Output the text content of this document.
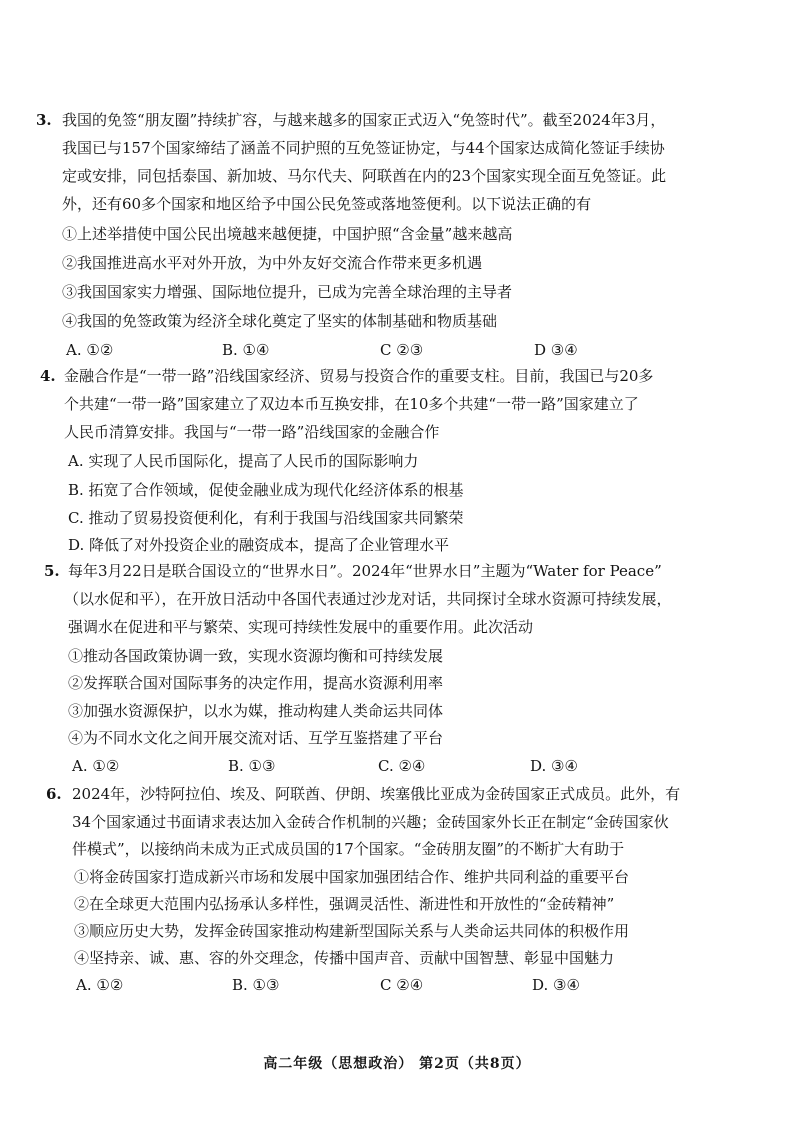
3. 我国的免签“朋友圈”持续扩容，与越来越多的国家正式迈入“免签时代”。截至2024年3月，
我国已与157个国家缔结了涵盖不同护照的互免签证协定，与44个国家达成简化签证手续协
定或安排，同包括泰国、新加坡、马尔代夫、阿联酋在内的23个国家实现全面互免签证。此
外，还有60多个国家和地区给予中国公民免签或落地签便利。以下说法正确的有
①上述举措使中国公民出境越来越便捷，中国护照“含金量”越来越高
②我国推进高水平对外开放，为中外友好交流合作带来更多机遇
③我国国家实力增强、国际地位提升，已成为完善全球治理的主导者
④我国的免签政策为经济全球化奠定了坚实的体制基础和物质基础
A. ①②	B. ①④	C ②③	D ③④
4. 金融合作是“一带一路”沿线国家经济、贸易与投资合作的重要支柱。目前，我国已与20多
个共建“一带一路”国家建立了双边本币互换安排，在10多个共建“一带一路”国家建立了
人民币清算安排。我国与“一带一路”沿线国家的金融合作
A. 实现了人民币国际化，提高了人民币的国际影响力
B. 拓宽了合作领域，促使金融业成为现代化经济体系的根基
C. 推动了贸易投资便利化，有利于我国与沿线国家共同繁荣
D. 降低了对外投资企业的融资成本，提高了企业管理水平
5. 每年3月22日是联合国设立的“世界水日”。2024年“世界水日”主题为“Water for Peace”
（以水促和平），在开放日活动中各国代表通过沙龙对话，共同探讨全球水资源可持续发展，
强调水在促进和平与繁荣、实现可持续性发展中的重要作用。此次活动
①推动各国政策协调一致，实现水资源均衡和可持续发展
②发挥联合国对国际事务的决定作用，提高水资源利用率
③加强水资源保护，以水为媒，推动构建人类命运共同体
④为不同水文化之间开展交流对话、互学互鉴搭建了平台
A. ①②	B. ①③	C. ②④	D. ③④
6. 2024年，沙特阿拉伯、埃及、阿联酋、伊朗、埃塞俄比亚成为金砖国家正式成员。此外，有
34个国家通过书面请求表达加入金砖合作机制的兴趣；金砖国家外长正在制定“金砖国家伙
伴模式”，以接纳尚未成为正式成员国的17个国家。“金砖朋友圈”的不断扩大有助于
①将金砖国家打造成新兴市场和发展中国家加强团结合作、维护共同利益的重要平台
②在全球更大范围内弘扬承认多样性，强调灵活性、渐进性和开放性的“金砖精神”
③顺应历史大势，发挥金砖国家推动构建新型国际关系与人类命运共同体的积极作用
④坚持亲、诚、惠、容的外交理念，传播中国声音、贡献中国智慧、彰显中国魅力
A. ①②	B. ①③	C ②④	D. ③④
高二年级（思想政治） 第2页（共8页）
